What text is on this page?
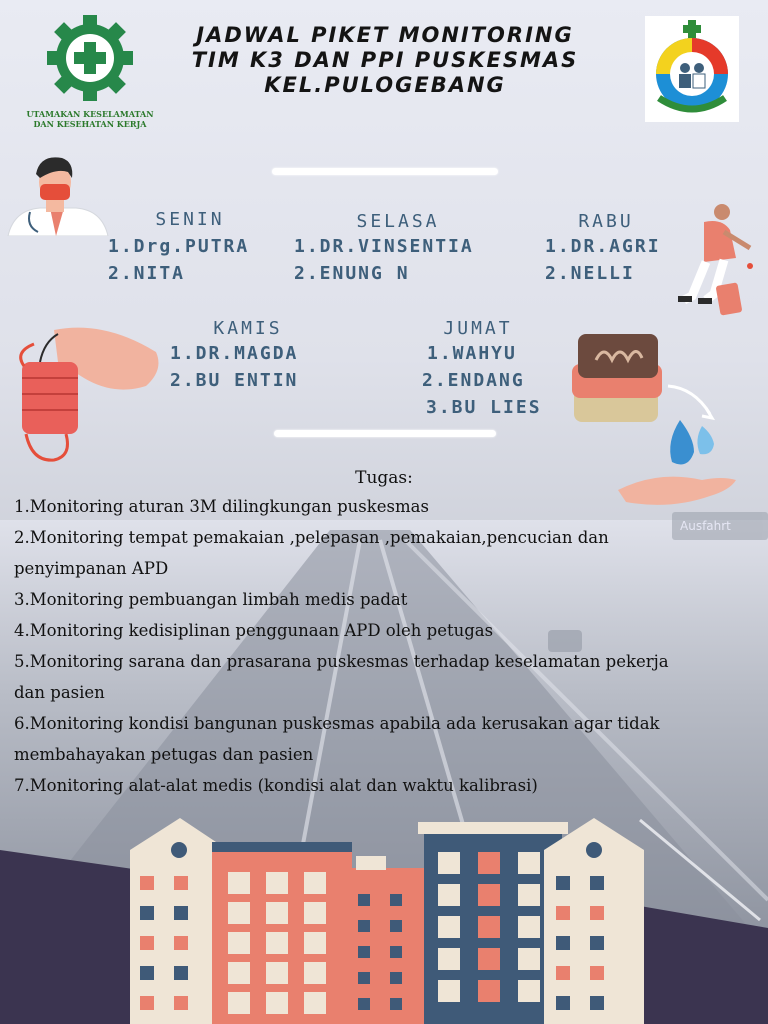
Ausfahrt
UTAMAKAN KESELAMATAN
DAN KESEHATAN KERJA
JADWAL PIKET MONITORING
TIM K3 DAN PPI PUSKESMAS
KEL.PULOGEBANG
SENIN
1.Drg.PUTRA
2.NITA
SELASA
1.DR.VINSENTIA
2.ENUNG N
RABU
1.DR.AGRI
2.NELLI
KAMIS
1.DR.MAGDA
2.BU ENTIN
JUMAT
1.WAHYU
2.ENDANG
3.BU LIES
Tugas:
1.Monitoring aturan 3M dilingkungan puskesmas
2.Monitoring tempat pemakaian ,pelepasan ,pemakaian,pencucian dan
penyimpanan APD
3.Monitoring pembuangan limbah medis padat
4.Monitoring kedisiplinan penggunaan APD oleh petugas
5.Monitoring sarana dan prasarana puskesmas terhadap keselamatan pekerja
dan pasien
6.Monitoring kondisi bangunan puskesmas apabila ada kerusakan agar tidak
membahayakan petugas dan pasien
7.Monitoring alat-alat medis (kondisi alat dan waktu kalibrasi)
